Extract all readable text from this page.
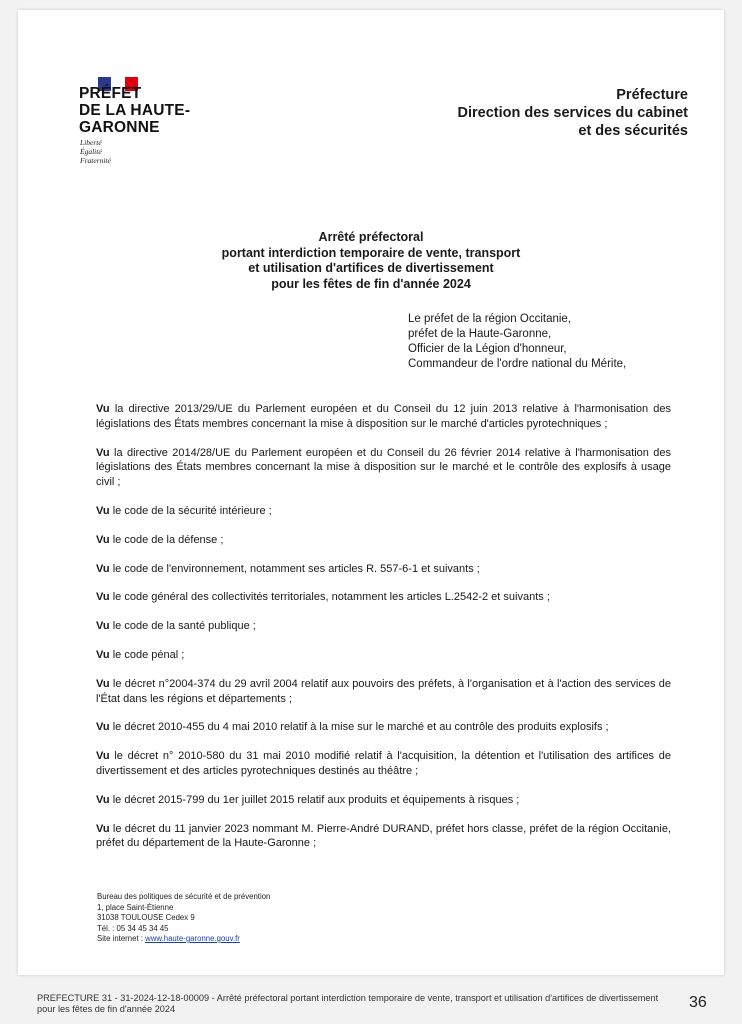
PRÉFET
DE LA HAUTE-
GARONNE
Liberté
Égalité
Fraternité
Préfecture
Direction des services du cabinet
et des sécurités
Arrêté préfectoral
portant interdiction temporaire de vente, transport
et utilisation d'artifices de divertissement
pour les fêtes de fin d'année 2024
Le préfet de la région Occitanie,
préfet de la Haute-Garonne,
Officier de la Légion d'honneur,
Commandeur de l'ordre national du Mérite,

Vu la directive 2013/29/UE du Parlement européen et du Conseil du 12 juin 2013 relative à l'harmonisation des législations des États membres concernant la mise à disposition sur le marché d'articles pyrotechniques ;

Vu la directive 2014/28/UE du Parlement européen et du Conseil du 26 février 2014 relative à l'harmonisation des législations des États membres concernant la mise à disposition sur le marché et le contrôle des explosifs à usage civil ;

Vu le code de la sécurité intérieure ;

Vu le code de la défense ;

Vu le code de l'environnement, notamment ses articles R. 557-6-1 et suivants ;

Vu le code général des collectivités territoriales, notamment les articles L.2542-2 et suivants ;

Vu le code de la santé publique ;

Vu le code pénal ;

Vu le décret n°2004-374 du 29 avril 2004 relatif aux pouvoirs des préfets, à l'organisation et à l'action des services de l'État dans les régions et départements ;

Vu le décret 2010-455 du 4 mai 2010 relatif à la mise sur le marché et au contrôle des produits explosifs ;

Vu le décret n° 2010-580 du 31 mai 2010 modifié relatif à l'acquisition, la détention et l'utilisation des artifices de divertissement et des articles pyrotechniques destinés au théâtre ;

Vu le décret 2015-799 du 1er juillet 2015 relatif aux produits et équipements à risques ;

Vu le décret du 11 janvier 2023 nommant M. Pierre-André DURAND, préfet hors classe, préfet de la région Occitanie, préfet du département de la Haute-Garonne ;

Bureau des politiques de sécurité et de prévention
1, place Saint-Étienne
31038 TOULOUSE Cedex 9
Tél. : 05 34 45 34 45
Site internet : www.haute-garonne.gouv.fr
PREFECTURE 31 - 31-2024-12-18-00009 - Arrêté préfectoral portant interdiction temporaire de vente, transport et utilisation d'artifices de divertissement pour les fêtes de fin d'année 2024	36
